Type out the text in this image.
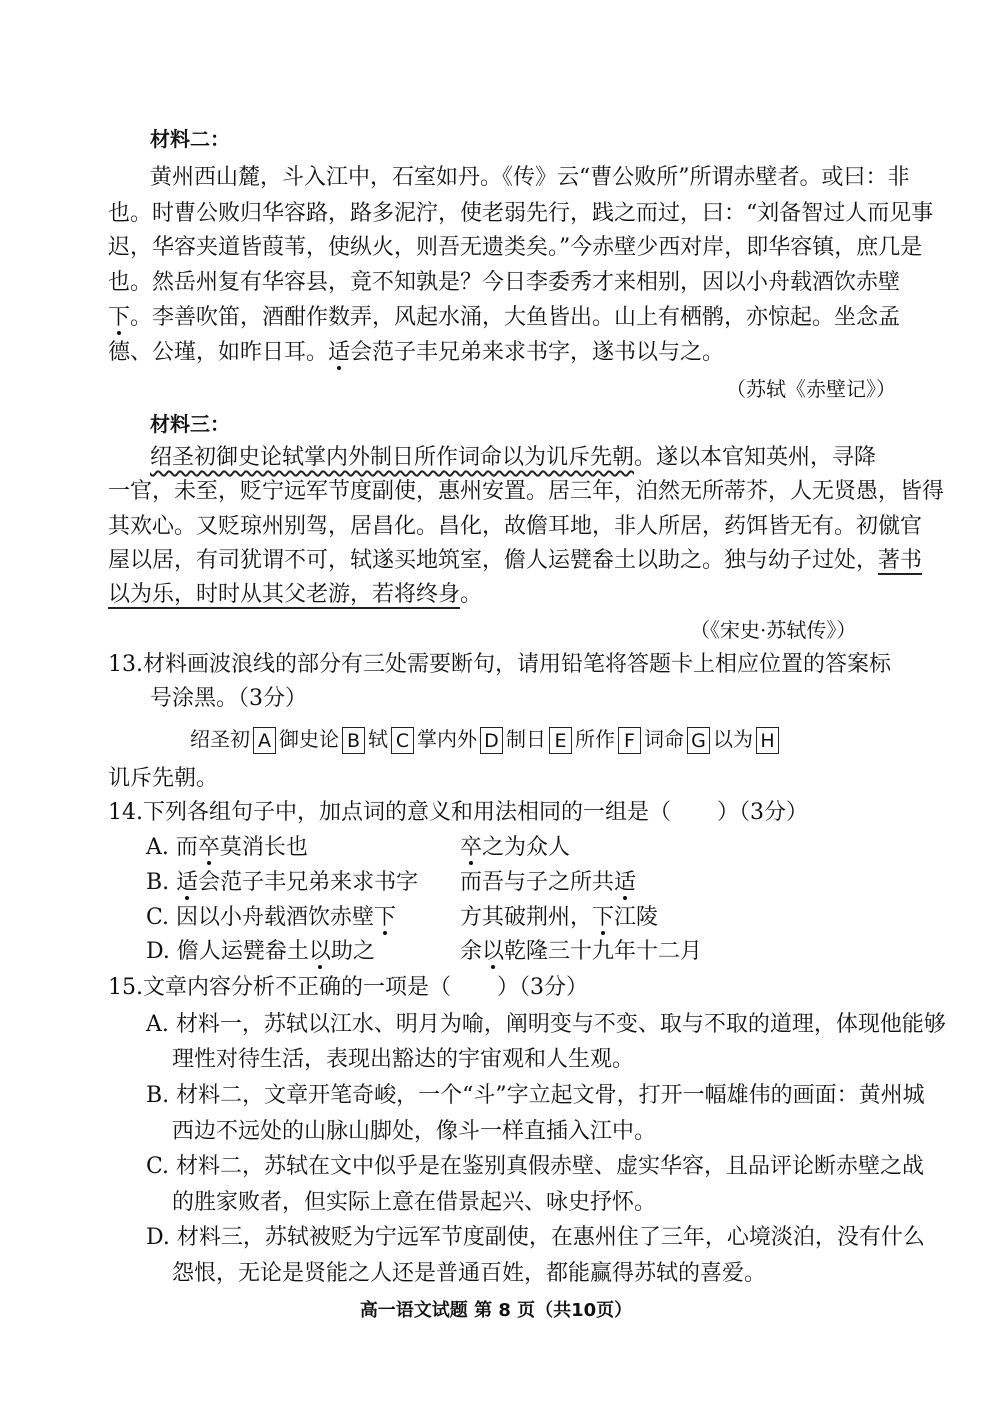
材料二：
黄州西山麓，斗入江中，石室如丹。《传》云“曹公败所”所谓赤壁者。或曰：非
也。时曹公败归华容路，路多泥泞，使老弱先行，践之而过，曰：“刘备智过人而见事
迟，华容夹道皆葭苇，使纵火，则吾无遗类矣。”今赤壁少西对岸，即华容镇，庶几是
也。然岳州复有华容县，竟不知孰是？今日李委秀才来相别，因以小舟载酒饮赤壁
下。李善吹笛，酒酣作数弄，风起水涌，大鱼皆出。山上有栖鹘，亦惊起。坐念孟
德、公瑾，如昨日耳。适会范子丰兄弟来求书字，遂书以与之。
（苏轼《赤壁记》）
材料三：
绍圣初御史论轼掌内外制日所作词命以为讥斥先朝。遂以本官知英州，寻降
一官，未至，贬宁远军节度副使，惠州安置。居三年，泊然无所蒂芥，人无贤愚，皆得
其欢心。又贬琼州别驾，居昌化。昌化，故儋耳地，非人所居，药饵皆无有。初僦官
屋以居，有司犹谓不可，轼遂买地筑室，儋人运甓畚土以助之。独与幼子过处，著书
以为乐，时时从其父老游，若将终身。
（《宋史·苏轼传》）
13.材料画波浪线的部分有三处需要断句，请用铅笔将答题卡上相应位置的答案标
号涂黑。（3分）
绍圣初 A 御史论 B 轼 C 掌内外 D 制日 E 所作 F 词命 G 以为 H
讥斥先朝。
14.下列各组句子中，加点词的意义和用法相同的一组是（ ）（3分）
A. 而卒莫消长也	卒之为众人
B. 适会范子丰兄弟来求书字 而吾与子之所共适
C. 因以小舟载酒饮赤壁下	方其破荆州，下江陵
D. 儋人运甓畚土以助之	余以乾隆三十九年十二月
15.文章内容分析不正确的一项是（ ）（3分）
A. 材料一，苏轼以江水、明月为喻，阐明变与不变、取与不取的道理，体现他能够
理性对待生活，表现出豁达的宇宙观和人生观。
B. 材料二，文章开笔奇峻，一个“斗”字立起文骨，打开一幅雄伟的画面：黄州城
西边不远处的山脉山脚处，像斗一样直插入江中。
C. 材料二，苏轼在文中似乎是在鉴别真假赤壁、虚实华容，且品评论断赤壁之战
的胜家败者，但实际上意在借景起兴、咏史抒怀。
D. 材料三，苏轼被贬为宁远军节度副使，在惠州住了三年，心境淡泊，没有什么
怨恨，无论是贤能之人还是普通百姓，都能赢得苏轼的喜爱。
高一语文试题 第 8 页（共10页）
